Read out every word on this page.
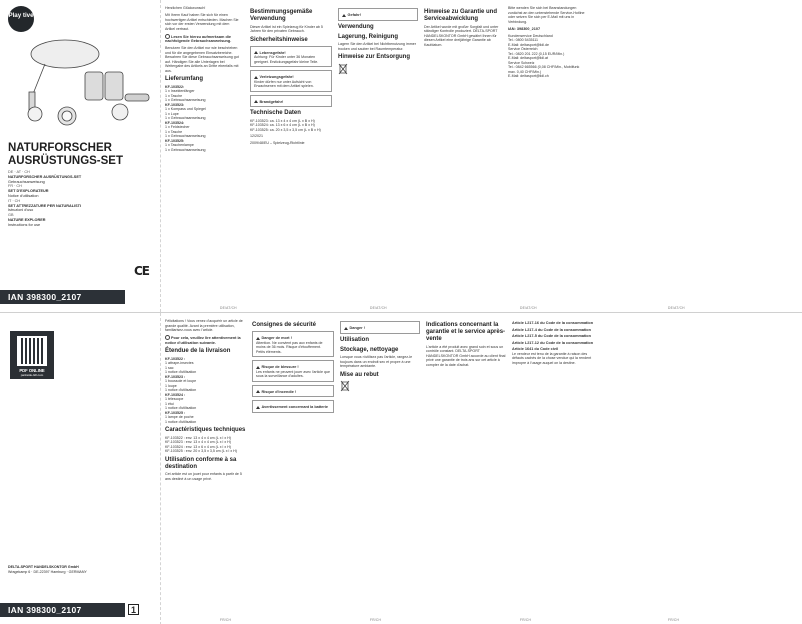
Play tive
NATURFORSCHER AUSRÜSTUNGS-SET
DE · AT · CH
NATURFORSCHER AUSRÜSTUNGS-SET
Gebrauchsanweisung
FR · CH
SET D'EXPLORATEUR
Notice d'utilisation
IT · CH
SET ATTREZZATURE PER NATURALISTI
Istruzioni d'uso
GB
NATURE EXPLORER
Instructions for use
CE
IAN 398300_2107

Herzlichen Glückwunsch!

Mit Ihrem Kauf haben Sie sich für einen hochwertigen Artikel entschieden. Machen Sie sich vor der ersten Verwendung mit dem Artikel vertraut.

Lesen Sie hierzu aufmerksam die nachfolgende Gebrauchsanweisung.

Benutzen Sie den Artikel nur wie beschrieben und für die angegebenen Einsatzbereiche. Bewahren Sie diese Gebrauchsanweisung gut auf. Händigen Sie alle Unterlagen bei Weitergabe des Artikels an Dritte ebenfalls mit aus.

Lieferumfang
KF-103522:
1 x Insektenfänger
1 x Tasche
1 x Gebrauchsanweisung
KF-103523:
1 x Kompass und Spiegel
1 x Lupe
1 x Gebrauchsanweisung
KF-103524:
1 x Feldstecher
1 x Tasche
1 x Gebrauchsanweisung
KF-103525:
1 x Taschenlampe
1 x Gebrauchsanweisung
Bestimmungsgemäße Verwendung

Dieser Artikel ist ein Spielzeug für Kinder ab 5 Jahren für den privaten Gebrauch.

Sicherheitshinweise
Lebensgefahr!
Achtung: Für Kinder unter 36 Monaten geeignet. Erstickungsgefahr kleine Teile.
Verletzungsgefahr!
Kinder dürfen nur unter Aufsicht von Erwachsenen mit dem Artikel spielen.
Brandgefahr!
Technische Daten
KF-103523: ca. 13 x 4 x 4 cm (L x B x H)
KF-103524: ca. 13 x 6 x 4 cm (L x B x H)
KF-103525: ca. 20 x 3,5 x 3,5 cm (L x B x H)

12/2021

2009/48/EU – Spielzeug-Richtlinie

Gefahr!
Verwendung
Lagerung, Reinigung

Lagern Sie den Artikel bei Nichtbenutzung immer trocken und sauber bei Raumtemperatur.

Hinweise zur Entsorgung
Hinweise zu Garantie und Serviceabwicklung

Der Artikel wurde mit großer Sorgfalt und unter ständiger Kontrolle produziert. DELTA-SPORT HANDELSKONTOR GmbH gewährt Ihnen für diesen Artikel eine dreijährige Garantie ab Kaufdatum.

Bitte wenden Sie sich bei Beanstandungen zunächst an den untenstehende Service-Hotline oder setzen Sie sich per E-Mail mit uns in Verbindung.

IAN: 398300_2107

Kundenservice Deutschland
Tel.: 0800 5435111
E-Mail: deltasport@lidl.de
Service Österreich
Tel.: 0820 201 222 (0,15 EUR/Min.)
E-Mail: deltasport@lidl.at
Service Schweiz
Tel.: 0842 665566 (0,08 CHF/Min., Mobilfunk max. 0,40 CHF/Min.)
E-Mail: deltasport@lidl.ch
DE/AT/CH	DE/AT/CH	DE/AT/CH	DE/AT/CH
PDF ONLINE
parkside-lidl.com
DELTA-SPORT HANDELSKONTOR GmbH
Wragekamp 6 · DE-22397 Hamburg · GERMANY
IAN 398300_2107	1

Félicitations ! Vous venez d'acquérir un article de grande qualité. Avant la première utilisation, familiarisez-vous avec l'article.

Pour cela, veuillez lire attentivement la notice d'utilisation suivante.

Étendue de la livraison
KF-103522 :
1 attrape-insectes
1 sac
1 notice d'utilisation
KF-103523 :
1 boussole et loupe
1 loupe
1 notice d'utilisation
KF-103524 :
1 télescope
1 étui
1 notice d'utilisation
KF-103525 :
1 lampe de poche
1 notice d'utilisation
Caractéristiques techniques
KF-103522 : env. 13 x 4 x 4 cm (L x l x H)
KF-103523 : env. 13 x 4 x 4 cm (L x l x H)
KF-103524 : env. 13 x 6 x 4 cm (L x l x H)
KF-103525 : env. 20 x 3,5 x 3,5 cm (L x l x H)
Utilisation conforme à sa destination

Cet article est un jouet pour enfants à partir de 5 ans destiné à un usage privé.

Consignes de sécurité
Danger de mort !
Attention. Ne convient pas aux enfants de moins de 36 mois. Risque d'étouffement. Petits éléments.
Risque de blessure !
Les enfants ne peuvent jouer avec l'article que sous la surveillance d'adultes.
Risque d'incendie !
Avertissement concernant la batterie
Danger !
Utilisation
Stockage, nettoyage

Lorsque vous n'utilisez pas l'article, rangez-le toujours dans un endroit sec et propre à une température ambiante.

Mise au rebut
Indications concernant la garantie et le service après-vente

L'article a été produit avec grand soin et sous un contrôle constant. DELTA-SPORT HANDELSKONTOR GmbH accorde au client final privé une garantie de trois ans sur cet article à compter de la date d'achat.

Article L217-16 du Code de la consommation
Article L217-4 du Code de la consommation
Article L217-5 du Code de la consommation
Article L217-12 du Code de la consommation
Article 1641 du Code civil

Le vendeur est tenu de la garantie à raison des défauts cachés de la chose vendue qui la rendent impropre à l'usage auquel on la destine.

FR/CH	FR/CH	FR/CH	FR/CH
